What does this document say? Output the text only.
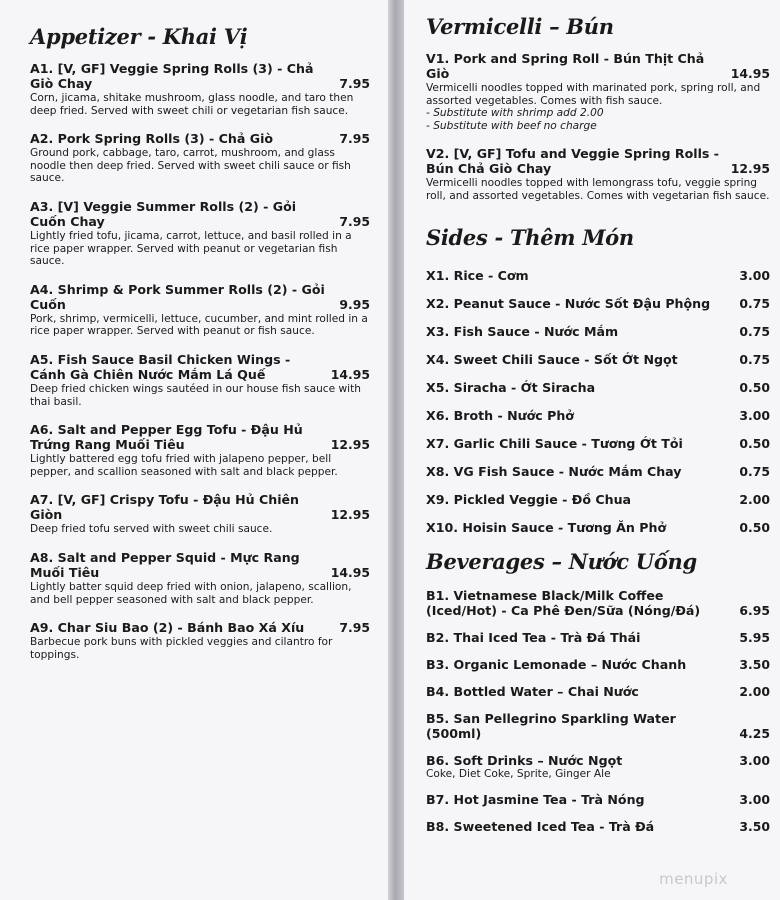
Appetizer - Khai Vị
A1. [V, GF] Veggie Spring Rolls (3) - Chả Giò Chay	7.95
Corn, jicama, shitake mushroom, glass noodle, and taro then deep fried. Served with sweet chili or vegetarian fish sauce.
A2. Pork Spring Rolls (3) - Chả Giò	7.95
Ground pork, cabbage, taro, carrot, mushroom, and glass noodle then deep fried. Served with sweet chili sauce or fish sauce.
A3. [V] Veggie Summer Rolls (2) - Gỏi Cuốn Chay	7.95
Lightly fried tofu, jicama, carrot, lettuce, and basil rolled in a rice paper wrapper. Served with peanut or vegetarian fish sauce.
A4. Shrimp & Pork Summer Rolls (2) - Gỏi Cuốn	9.95
Pork, shrimp, vermicelli, lettuce, cucumber, and mint rolled in a rice paper wrapper. Served with peanut or fish sauce.
A5. Fish Sauce Basil Chicken Wings - Cánh Gà Chiên Nước Mắm Lá Quế	14.95
Deep fried chicken wings sautéed in our house fish sauce with thai basil.
A6. Salt and Pepper Egg Tofu - Đậu Hủ Trứng Rang Muối Tiêu	12.95
Lightly battered egg tofu fried with jalapeno pepper, bell pepper, and scallion seasoned with salt and black pepper.
A7. [V, GF] Crispy Tofu - Đậu Hủ Chiên Giòn	12.95
Deep fried tofu served with sweet chili sauce.
A8. Salt and Pepper Squid - Mực Rang Muối Tiêu	14.95
Lightly batter squid deep fried with onion, jalapeno, scallion, and bell pepper seasoned with salt and black pepper.
A9. Char Siu Bao (2) - Bánh Bao Xá Xíu	7.95
Barbecue pork buns with pickled veggies and cilantro for toppings.
Vermicelli – Bún
V1. Pork and Spring Roll - Bún Thịt Chả Giò	14.95
Vermicelli noodles topped with marinated pork, spring roll, and assorted vegetables. Comes with fish sauce.
- Substitute with shrimp add 2.00
- Substitute with beef no charge
V2. [V, GF] Tofu and Veggie Spring Rolls - Bún Chả Giò Chay	12.95
Vermicelli noodles topped with lemongrass tofu, veggie spring roll, and assorted vegetables. Comes with vegetarian fish sauce.
Sides - Thêm Món
X1. Rice - Cơm	3.00
X2. Peanut Sauce - Nước Sốt Đậu Phộng	0.75
X3. Fish Sauce - Nước Mắm	0.75
X4. Sweet Chili Sauce - Sốt Ớt Ngọt	0.75
X5. Siracha - Ớt Siracha	0.50
X6. Broth - Nước Phở	3.00
X7. Garlic Chili Sauce - Tương Ớt Tỏi	0.50
X8. VG Fish Sauce - Nước Mắm Chay	0.75
X9. Pickled Veggie - Đồ Chua	2.00
X10. Hoisin Sauce - Tương Ăn Phở	0.50
Beverages – Nước Uống
B1. Vietnamese Black/Milk Coffee (Iced/Hot) - Ca Phê Đen/Sữa (Nóng/Đá)	6.95
B2. Thai Iced Tea - Trà Đá Thái	5.95
B3. Organic Lemonade – Nước Chanh	3.50
B4. Bottled Water – Chai Nước	2.00
B5. San Pellegrino Sparkling Water (500ml)	4.25
B6. Soft Drinks – Nước Ngọt	3.00
Coke, Diet Coke, Sprite, Ginger Ale
B7. Hot Jasmine Tea - Trà Nóng	3.00
B8. Sweetened Iced Tea - Trà Đá	3.50
menupix
